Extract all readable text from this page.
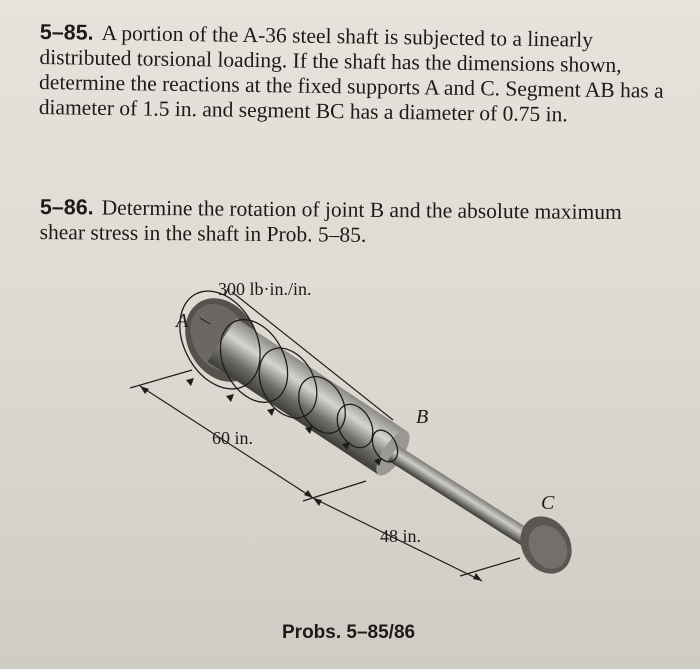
5–85. A portion of the A-36 steel shaft is subjected to a linearly distributed torsional loading. If the shaft has the dimensions shown, determine the reactions at the fixed supports A and C. Segment AB has a diameter of 1.5 in. and segment BC has a diameter of 0.75 in.
5–86. Determine the rotation of joint B and the absolute maximum shear stress in the shaft in Prob. 5–85.
300 lb·in./in.
A
B
C
60 in.
48 in.
Probs. 5–85/86
